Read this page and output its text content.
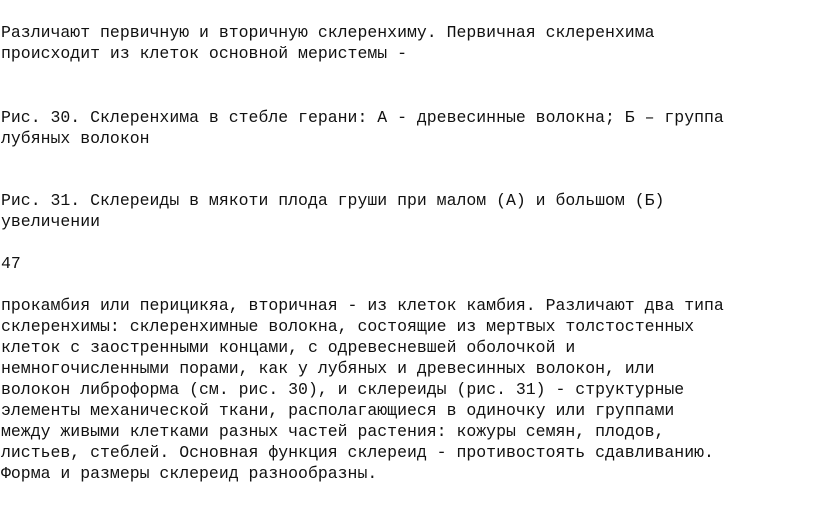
Различают первичную и вторичную склеренхиму. Первичная склеренхима
происходит из клеток основной меристемы -
Рис. 30. Склеренхима в стебле герани: А - древесинные волокна; Б – группа
лубяных волокон
Рис. 31. Склереиды в мякоти плода груши при малом (А) и большом (Б)
увеличении
47
прокамбия или перицикяа, вторичная - из клеток камбия. Различают два типа
склеренхимы: склеренхимные волокна, состоящие из мертвых толстостенных
клеток с заостренными концами, с одревесневшей оболочкой и
немногочисленными порами, как у лубяных и древесинных волокон, или
волокон либроформа (см. рис. 30), и склереиды (рис. 31) - структурные
элементы механической ткани, располагающиеся в одиночку или группами
между живыми клетками разных частей растения: кожуры семян, плодов,
листьев, стеблей. Основная функция склереид - противостоять сдавливанию.
Форма и размеры склереид разнообразны.
